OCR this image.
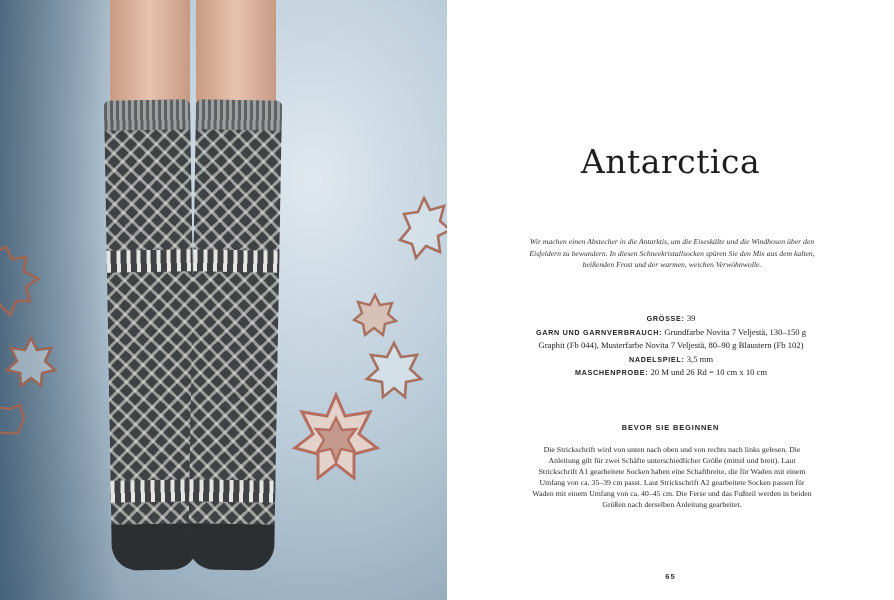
Antarctica

Wir machen einen Abstecher in die Antarktis, um die Eiseskälte und die Windhosen über den Eisfeldern zu bewundern. In diesen Schneekristallsocken spüren Sie den Mix aus dem kalten, beißenden Frost und der warmen, weichen Verwöhnwolle.

GRÖSSE: 39
GARN UND GARNVERBRAUCH: Grundfarbe Novita 7 Veljestä, 130–150 g Graphit (Fb 044), Musterfarbe Novita 7 Veljestä, 80–90 g Blaustern (Fb 102)
NADELSPIEL: 3,5 mm
MASCHENPROBE: 20 M und 26 Rd = 10 cm x 10 cm
BEVOR SIE BEGINNEN

Die Strickschrift wird von unten nach oben und von rechts nach links gelesen. Die Anleitung gilt für zwei Schäfte unterschiedlicher Größe (mittel und breit). Laut Strickschrift A1 gearbeitete Socken haben eine Schaftbreite, die für Waden mit einem Umfang von ca. 35–39 cm passt. Laut Strickschrift A2 gearbeitete Socken passen für Waden mit einem Umfang von ca. 40–45 cm. Die Ferse und das Fußteil werden in beiden Größen nach derselben Anleitung gearbeitet.

65
